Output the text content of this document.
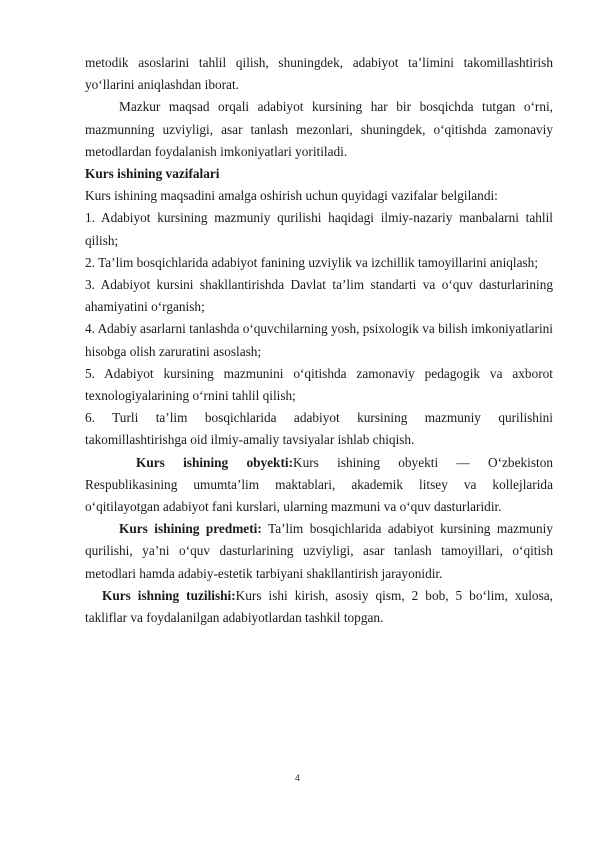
metodik asoslarini tahlil qilish, shuningdek, adabiyot ta’limini takomillashtirish yo‘llarini aniqlashdan iborat.

Mazkur maqsad orqali adabiyot kursining har bir bosqichda tutgan o‘rni, mazmunning uzviyligi, asar tanlash mezonlari, shuningdek, o‘qitishda zamonaviy metodlardan foydalanish imkoniyatlari yoritiladi.

Kurs ishining vazifalari

Kurs ishining maqsadini amalga oshirish uchun quyidagi vazifalar belgilandi:

1. Adabiyot kursining mazmuniy qurilishi haqidagi ilmiy-nazariy manbalarni tahlil qilish;

2. Ta’lim bosqichlarida adabiyot fanining uzviylik va izchillik tamoyillarini aniqlash;

3. Adabiyot kursini shakllantirishda Davlat ta’lim standarti va o‘quv dasturlarining ahamiyatini o‘rganish;

4. Adabiy asarlarni tanlashda o‘quvchilarning yosh, psixologik va bilish imkoniyatlarini hisobga olish zaruratini asoslash;

5. Adabiyot kursining mazmunini o‘qitishda zamonaviy pedagogik va axborot texnologiyalarining o‘rnini tahlil qilish;

6. Turli ta’lim bosqichlarida adabiyot kursining mazmuniy qurilishini takomillashtirishga oid ilmiy-amaliy tavsiyalar ishlab chiqish.

Kurs ishining obyekti:Kurs ishining obyekti — O‘zbekiston Respublikasining umumta’lim maktablari, akademik litsey va kollejlarida o‘qitilayotgan adabiyot fani kurslari, ularning mazmuni va o‘quv dasturlaridir.

Kurs ishining predmeti: Ta’lim bosqichlarida adabiyot kursining mazmuniy qurilishi, ya’ni o‘quv dasturlarining uzviyligi, asar tanlash tamoyillari, o‘qitish metodlari hamda adabiy-estetik tarbiyani shakllantirish jarayonidir.

Kurs ishning tuzilishi:Kurs ishi kirish, asosiy qism, 2 bob, 5 bo‘lim, xulosa, takliflar va foydalanilgan adabiyotlardan tashkil topgan.

4
